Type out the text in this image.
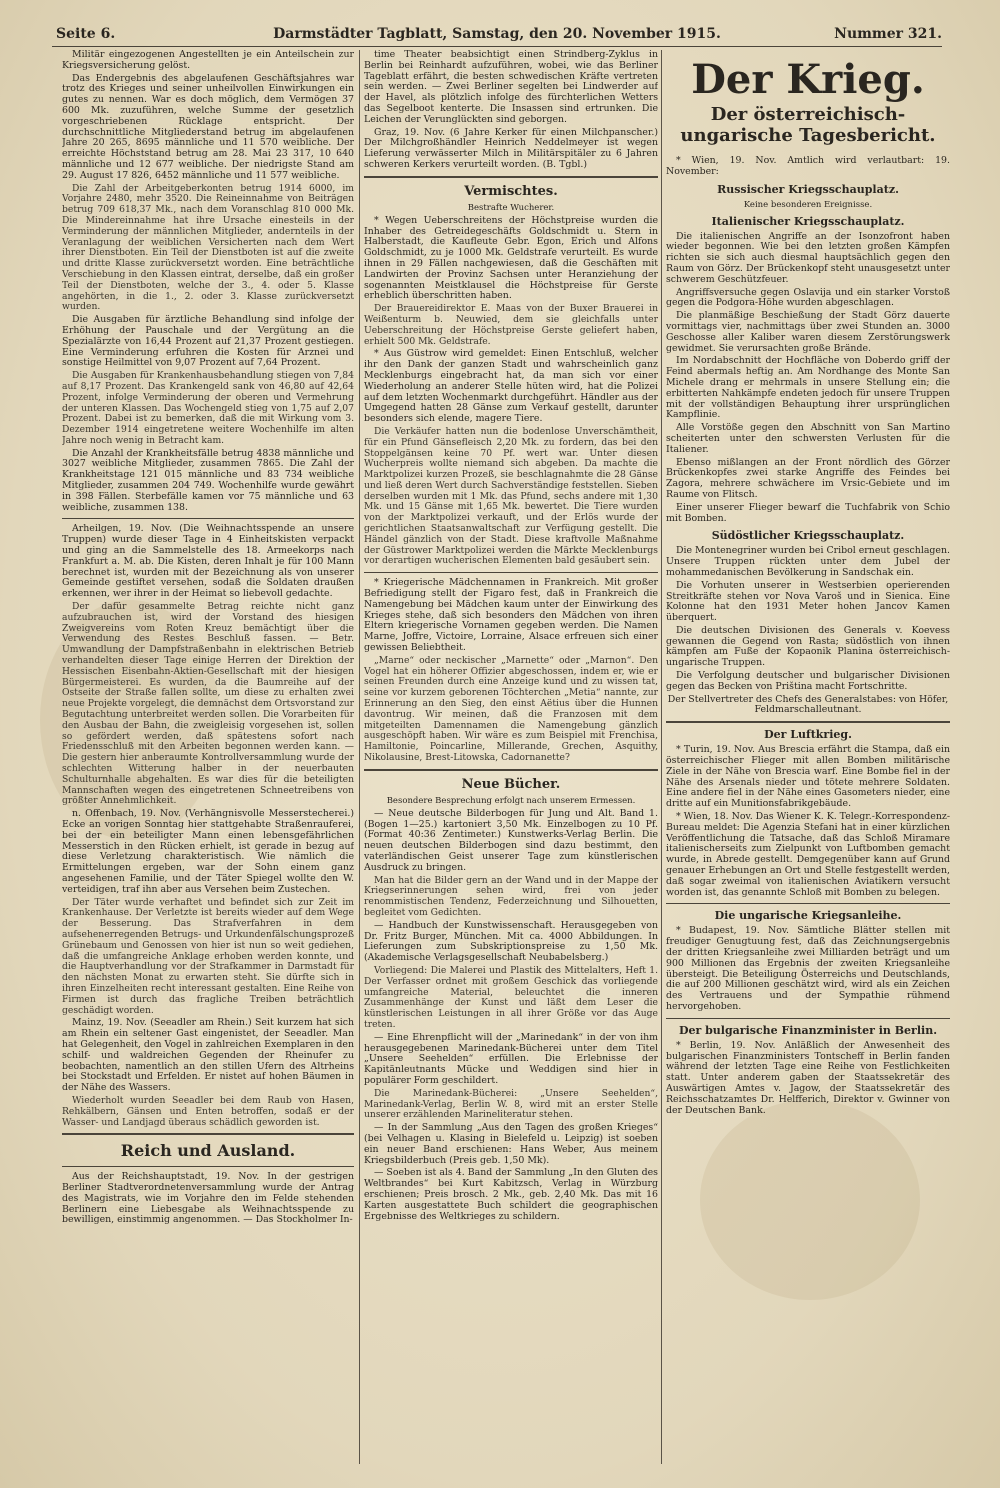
Seite 6.	Darmstädter Tagblatt, Samstag, den 20. November 1915.	Nummer 321.

Militär eingezogenen Angestellten je ein Anteilschein zur Kriegsversicherung gelöst.

Das Endergebnis des abgelaufenen Geschäftsjahres war trotz des Krieges und seiner unheilvollen Einwirkungen ein gutes zu nennen. War es doch möglich, dem Vermögen 37 600 Mk. zuzuführen, welche Summe der gesetzlich vorgeschriebenen Rücklage entspricht. Der durchschnittliche Mitgliederstand betrug im abgelaufenen Jahre 20 265, 8695 männliche und 11 570 weibliche. Der erreichte Höchststand betrug am 28. Mai 23 317, 10 640 männliche und 12 677 weibliche. Der niedrigste Stand am 29. August 17 826, 6452 männliche und 11 577 weibliche.

Die Zahl der Arbeitgeberkonten betrug 1914 6000, im Vorjahre 2480, mehr 3520. Die Reineinnahme von Beiträgen betrug 709 618,37 Mk., nach dem Voranschlag 810 000 Mk. Die Mindereinnahme hat ihre Ursache einesteils in der Verminderung der männlichen Mitglieder, andernteils in der Veranlagung der weiblichen Versicherten nach dem Wert ihrer Dienstboten. Ein Teil der Dienstboten ist auf die zweite und dritte Klasse zurückversetzt worden. Eine beträchtliche Verschiebung in den Klassen eintrat, derselbe, daß ein großer Teil der Dienstboten, welche der 3., 4. oder 5. Klasse angehörten, in die 1., 2. oder 3. Klasse zurückversetzt wurden.

Die Ausgaben für ärztliche Behandlung sind infolge der Erhöhung der Pauschale und der Vergütung an die Spezialärzte von 16,44 Prozent auf 21,37 Prozent gestiegen. Eine Verminderung erfuhren die Kosten für Arznei und sonstige Heilmittel von 9,07 Prozent auf 7,64 Prozent.

Die Ausgaben für Krankenhausbehandlung stiegen von 7,84 auf 8,17 Prozent. Das Krankengeld sank von 46,80 auf 42,64 Prozent, infolge Verminderung der oberen und Vermehrung der unteren Klassen. Das Wochengeld stieg von 1,75 auf 2,07 Prozent. Dabei ist zu bemerken, daß die mit Wirkung vom 3. Dezember 1914 eingetretene weitere Wochenhilfe im alten Jahre noch wenig in Betracht kam.

Die Anzahl der Krankheitsfälle betrug 4838 männliche und 3027 weibliche Mitglieder, zusammen 7865. Die Zahl der Krankheitstage 121 015 männliche und 83 734 weibliche Mitglieder, zusammen 204 749. Wochenhilfe wurde gewährt in 398 Fällen. Sterbefälle kamen vor 75 männliche und 63 weibliche, zusammen 138.

Arheilgen, 19. Nov. (Die Weihnachtsspende an unsere Truppen) wurde dieser Tage in 4 Einheitskisten verpackt und ging an die Sammelstelle des 18. Armeekorps nach Frankfurt a. M. ab. Die Kisten, deren Inhalt je für 100 Mann berechnet ist, wurden mit der Bezeichnung als von unserer Gemeinde gestiftet versehen, sodaß die Soldaten draußen erkennen, wer ihrer in der Heimat so liebevoll gedachte.

Der dafür gesammelte Betrag reichte nicht ganz aufzubrauchen ist, wird der Vorstand des hiesigen Zweigvereins vom Roten Kreuz bemächtigt über die Verwendung des Restes Beschluß fassen. — Betr. Umwandlung der Dampfstraßenbahn in elektrischen Betrieb verhandelten dieser Tage einige Herren der Direktion der Hessischen Eisenbahn-Aktien-Gesellschaft mit der hiesigen Bürgermeisterei. Es wurden, da die Baumreihe auf der Ostseite der Straße fallen sollte, um diese zu erhalten zwei neue Projekte vorgelegt, die demnächst dem Ortsvorstand zur Begutachtung unterbreitet werden sollen. Die Vorarbeiten für den Ausbau der Bahn, die zweigleisig vorgesehen ist, sollen so gefördert werden, daß spätestens sofort nach Friedensschluß mit den Arbeiten begonnen werden kann. — Die gestern hier anberaumte Kontrollversammlung wurde der schlechten Witterung halber in der neuerbauten Schulturnhalle abgehalten. Es war dies für die beteiligten Mannschaften wegen des eingetretenen Schneetreibens von größter Annehmlichkeit.

n. Offenbach, 19. Nov. (Verhängnisvolle Messerstecherei.) Ecke an vorigen Sonntag hier stattgehabte Straßenrauferei, bei der ein beteiligter Mann einen lebensgefährlichen Messerstich in den Rücken erhielt, ist gerade in bezug auf diese Verletzung charakteristisch. Wie nämlich die Ermittelungen ergeben, war der Sohn einem ganz angesehenen Familie, und der Täter Spiegel wollte den W. verteidigen, traf ihn aber aus Versehen beim Zustechen.

Der Täter wurde verhaftet und befindet sich zur Zeit im Krankenhause. Der Verletzte ist bereits wieder auf dem Wege der Besserung. Das Strafverfahren in dem aufsehenerregenden Betrugs- und Urkundenfälschungsprozeß Grünebaum und Genossen von hier ist nun so weit gediehen, daß die umfangreiche Anklage erhoben werden konnte, und die Hauptverhandlung vor der Strafkammer in Darmstadt für den nächsten Monat zu erwarten steht. Sie dürfte sich in ihren Einzelheiten recht interessant gestalten. Eine Reihe von Firmen ist durch das fragliche Treiben beträchtlich geschädigt worden.

Mainz, 19. Nov. (Seeadler am Rhein.) Seit kurzem hat sich am Rhein ein seltener Gast eingenistet, der Seeadler. Man hat Gelegenheit, den Vogel in zahlreichen Exemplaren in den schilf- und waldreichen Gegenden der Rheinufer zu beobachten, namentlich an den stillen Ufern des Altrheins bei Stockstadt und Erfelden. Er nistet auf hohen Bäumen in der Nähe des Wassers.

Wiederholt wurden Seeadler bei dem Raub von Hasen, Rehkälbern, Gänsen und Enten betroffen, sodaß er der Wasser- und Landjagd überaus schädlich geworden ist.
Reich und Ausland.

Aus der Reichshauptstadt, 19. Nov. In der gestrigen Berliner Stadtverordnetenversammlung wurde der Antrag des Magistrats, wie im Vorjahre den im Felde stehenden Berlinern eine Liebesgabe als Weihnachtsspende zu bewilligen, einstimmig angenommen. — Das Stockholmer In-

time Theater beabsichtigt einen Strindberg-Zyklus in Berlin bei Reinhardt aufzuführen, wobei, wie das Berliner Tageblatt erfährt, die besten schwedischen Kräfte vertreten sein werden. — Zwei Berliner segelten bei Lindwerder auf der Havel, als plötzlich infolge des fürchterlichen Wetters das Segelboot kenterte. Die Insassen sind ertrunken. Die Leichen der Verunglückten sind geborgen.

Graz, 19. Nov. (6 Jahre Kerker für einen Milchpanscher.) Der Milchgroßhändler Heinrich Neddelmeyer ist wegen Lieferung verwässerter Milch in Militärspitäler zu 6 Jahren schweren Kerkers verurteilt worden. (B. Tgbl.)

Vermischtes.
Bestrafte Wucherer.

* Wegen Ueberschreitens der Höchstpreise wurden die Inhaber des Getreidegeschäfts Goldschmidt u. Stern in Halberstadt, die Kaufleute Gebr. Egon, Erich und Alfons Goldschmidt, zu je 1000 Mk. Geldstrafe verurteilt. Es wurde ihnen in 29 Fällen nachgewiesen, daß die Geschäften mit Landwirten der Provinz Sachsen unter Heranziehung der sogenannten Meistklausel die Höchstpreise für Gerste erheblich überschritten haben.

Der Brauereidirektor E. Maas von der Buxer Brauerei in Weißenturm b. Neuwied, dem sie gleichfalls unter Ueberschreitung der Höchstpreise Gerste geliefert haben, erhielt 500 Mk. Geldstrafe.

* Aus Güstrow wird gemeldet: Einen Entschluß, welcher ihr den Dank der ganzen Stadt und wahrscheinlich ganz Mecklenburgs eingebracht hat, da man sich vor einer Wiederholung an anderer Stelle hüten wird, hat die Polizei auf dem letzten Wochenmarkt durchgeführt. Händler aus der Umgegend hatten 28 Gänse zum Verkauf gestellt, darunter besonders sich elende, magere Tiere.

Die Verkäufer hatten nun die bodenlose Unverschämtheit, für ein Pfund Gänsefleisch 2,20 Mk. zu fordern, das bei den Stoppelgänsen keine 70 Pf. wert war. Unter diesen Wucherpreis wollte niemand sich abgeben. Da machte die Marktpolizei kurzen Prozeß, sie beschlagnahmte die 28 Gänse und ließ deren Wert durch Sachverständige feststellen. Sieben derselben wurden mit 1 Mk. das Pfund, sechs andere mit 1,30 Mk. und 15 Gänse mit 1,65 Mk. bewertet. Die Tiere wurden von der Marktpolizei verkauft, und der Erlös wurde der gerichtlichen Staatsanwaltschaft zur Verfügung gestellt. Die Händel gänzlich von der Stadt. Diese kraftvolle Maßnahme der Güstrower Marktpolizei werden die Märkte Mecklenburgs vor derartigen wucherischen Elementen bald gesäubert sein.

* Kriegerische Mädchennamen in Frankreich. Mit großer Befriedigung stellt der Figaro fest, daß in Frankreich die Namengebung bei Mädchen kaum unter der Einwirkung des Krieges stehe, daß sich besonders den Mädchen von ihren Eltern kriegerische Vornamen gegeben werden. Die Namen Marne, Joffre, Victoire, Lorraine, Alsace erfreuen sich einer gewissen Beliebtheit.

„Marne“ oder neckischer „Marnette“ oder „Marnon“. Den Vogel hat ein höherer Offizier abgeschossen, indem er, wie er seinen Freunden durch eine Anzeige kund und zu wissen tat, seine vor kurzem geborenen Töchterchen „Metia“ nannte, zur Erinnerung an den Sieg, den einst Aëtius über die Hunnen davontrug. Wir meinen, daß die Franzosen mit dem mitgeteilten Damennamen die Namengebung gänzlich ausgeschöpft haben. Wir wäre es zum Beispiel mit Frenchisa, Hamiltonie, Poincarline, Millerande, Grechen, Asquithy, Nikolausine, Brest-Litowska, Cadornanette?
Neue Bücher.
Besondere Besprechung erfolgt nach unserem Ermessen.

— Neue deutsche Bilderbogen für Jung und Alt. Band 1. (Bogen 1—25.) kartoniert 3,50 Mk. Einzelbogen zu 10 Pf. (Format 40:36 Zentimeter.) Kunstwerks-Verlag Berlin. Die neuen deutschen Bilderbogen sind dazu bestimmt, den vaterländischen Geist unserer Tage zum künstlerischen Ausdruck zu bringen.

Man hat die Bilder gern an der Wand und in der Mappe der Kriegserinnerungen sehen wird, frei von jeder renommistischen Tendenz, Federzeichnung und Silhouetten, begleitet vom Gedichten.

— Handbuch der Kunstwissenschaft. Herausgegeben von Dr. Fritz Burger, München. Mit ca. 4000 Abbildungen. In Lieferungen zum Subskriptionspreise zu 1,50 Mk. (Akademische Verlagsgesellschaft Neubabelsberg.)

Vorliegend: Die Malerei und Plastik des Mittelalters, Heft 1. Der Verfasser ordnet mit großem Geschick das vorliegende umfangreiche Material, beleuchtet die inneren Zusammenhänge der Kunst und läßt dem Leser die künstlerischen Leistungen in all ihrer Größe vor das Auge treten.

— Eine Ehrenpflicht will der „Marinedank“ in der von ihm herausgegebenen Marinedank-Bücherei unter dem Titel „Unsere Seehelden“ erfüllen. Die Erlebnisse der Kapitänleutnants Mücke und Weddigen sind hier in populärer Form geschildert.

Die Marinedank-Bücherei: „Unsere Seehelden“, Marinedank-Verlag, Berlin W. 8, wird mit an erster Stelle unserer erzählenden Marineliteratur stehen.

— In der Sammlung „Aus den Tagen des großen Krieges“ (bei Velhagen u. Klasing in Bielefeld u. Leipzig) ist soeben ein neuer Band erschienen: Hans Weber, Aus meinem Kriegsbilderbuch (Preis geb. 1,50 Mk).

— Soeben ist als 4. Band der Sammlung „In den Gluten des Weltbrandes“ bei Kurt Kabitzsch, Verlag in Würzburg erschienen; Preis brosch. 2 Mk., geb. 2,40 Mk. Das mit 16 Karten ausgestattete Buch schildert die geographischen Ergebnisse des Weltkrieges zu schildern.

Der Krieg.
Der österreichisch-ungarische Tagesbericht.

* Wien, 19. Nov. Amtlich wird verlautbart: 19. November:

Russischer Kriegsschauplatz.
Keine besonderen Ereignisse.
Italienischer Kriegsschauplatz.

Die italienischen Angriffe an der Isonzofront haben wieder begonnen. Wie bei den letzten großen Kämpfen richten sie sich auch diesmal hauptsächlich gegen den Raum von Görz. Der Brückenkopf steht unausgesetzt unter schwerem Geschützfeuer.

Angriffsversuche gegen Oslavija und ein starker Vorstoß gegen die Podgora-Höhe wurden abgeschlagen.

Die planmäßige Beschießung der Stadt Görz dauerte vormittags vier, nachmittags über zwei Stunden an. 3000 Geschosse aller Kaliber waren diesem Zerstörungswerk gewidmet. Sie verursachten große Brände.

Im Nordabschnitt der Hochfläche von Doberdo griff der Feind abermals heftig an. Am Nordhange des Monte San Michele drang er mehrmals in unsere Stellung ein; die erbitterten Nahkämpfe endeten jedoch für unsere Truppen mit der vollständigen Behauptung ihrer ursprünglichen Kampflinie.

Alle Vorstöße gegen den Abschnitt von San Martino scheiterten unter den schwersten Verlusten für die Italiener.

Ebenso mißlangen an der Front nördlich des Görzer Brückenkopfes zwei starke Angriffe des Feindes bei Zagora, mehrere schwächere im Vrsic-Gebiete und im Raume von Flitsch.

Einer unserer Flieger bewarf die Tuchfabrik von Schio mit Bomben.

Südöstlicher Kriegsschauplatz.

Die Montenegriner wurden bei Cribol erneut geschlagen. Unsere Truppen rückten unter dem Jubel der mohammedanischen Bevölkerung in Sandschak ein.

Die Vorhuten unserer in Westserbien operierenden Streitkräfte stehen vor Nova Varoš und in Sienica. Eine Kolonne hat den 1931 Meter hohen Jancov Kamen überquert.

Die deutschen Divisionen des Generals v. Koevess gewannen die Gegend von Rasta; südöstlich von ihnen kämpfen am Fuße der Kopaonik Planina österreichisch-ungarische Truppen.

Die Verfolgung deutscher und bulgarischer Divisionen gegen das Becken von Priština macht Fortschritte.

Der Stellvertreter des Chefs des Generalstabes: von Höfer, Feldmarschalleutnant.

Der Luftkrieg.

* Turin, 19. Nov. Aus Brescia erfährt die Stampa, daß ein österreichischer Flieger mit allen Bomben militärische Ziele in der Nähe von Brescia warf. Eine Bombe fiel in der Nähe des Arsenals nieder und tötete mehrere Soldaten. Eine andere fiel in der Nähe eines Gasometers nieder, eine dritte auf ein Munitionsfabrikgebäude.

* Wien, 18. Nov. Das Wiener K. K. Telegr.-Korrespondenz-Bureau meldet: Die Agenzia Stefani hat in einer kürzlichen Veröffentlichung die Tatsache, daß das Schloß Miramare italienischerseits zum Zielpunkt von Luftbomben gemacht wurde, in Abrede gestellt. Demgegenüber kann auf Grund genauer Erhebungen an Ort und Stelle festgestellt werden, daß sogar zweimal von italienischen Aviatikern versucht worden ist, das genannte Schloß mit Bomben zu belegen.

Die ungarische Kriegsanleihe.

* Budapest, 19. Nov. Sämtliche Blätter stellen mit freudiger Genugtuung fest, daß das Zeichnungsergebnis der dritten Kriegsanleihe zwei Milliarden beträgt und um 900 Millionen das Ergebnis der zweiten Kriegsanleihe übersteigt. Die Beteiligung Österreichs und Deutschlands, die auf 200 Millionen geschätzt wird, wird als ein Zeichen des Vertrauens und der Sympathie rühmend hervorgehoben.

Der bulgarische Finanzminister in Berlin.

* Berlin, 19. Nov. Anläßlich der Anwesenheit des bulgarischen Finanzministers Tontscheff in Berlin fanden während der letzten Tage eine Reihe von Festlichkeiten statt. Unter anderem gaben der Staatssekretär des Auswärtigen Amtes v. Jagow, der Staatssekretär des Reichsschatzamtes Dr. Helfferich, Direktor v. Gwinner von der Deutschen Bank.
